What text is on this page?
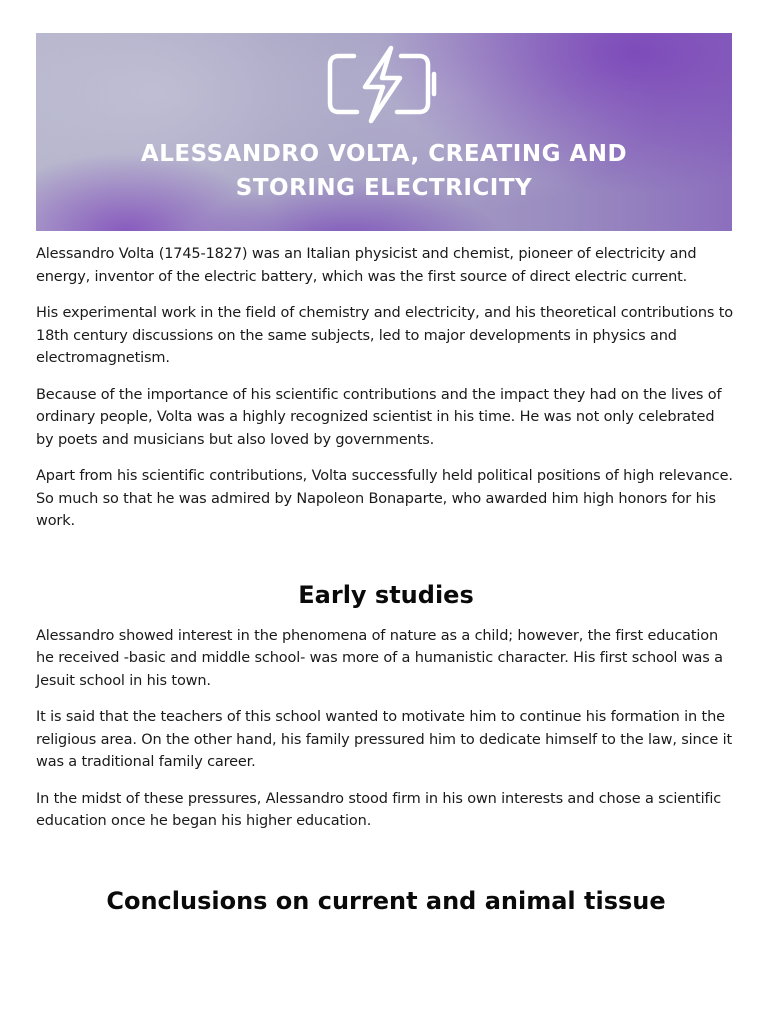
ALESSANDRO VOLTA, CREATING AND STORING ELECTRICITY

Alessandro Volta (1745-1827) was an Italian physicist and chemist, pioneer of electricity and energy, inventor of the electric battery, which was the first source of direct electric current.

His experimental work in the field of chemistry and electricity, and his theoretical contributions to 18th century discussions on the same subjects, led to major developments in physics and electromagnetism.

Because of the importance of his scientific contributions and the impact they had on the lives of ordinary people, Volta was a highly recognized scientist in his time. He was not only celebrated by poets and musicians but also loved by governments.

Apart from his scientific contributions, Volta successfully held political positions of high relevance. So much so that he was admired by Napoleon Bonaparte, who awarded him high honors for his work.

Early studies

Alessandro showed interest in the phenomena of nature as a child; however, the first education he received -basic and middle school- was more of a humanistic character. His first school was a Jesuit school in his town.

It is said that the teachers of this school wanted to motivate him to continue his formation in the religious area. On the other hand, his family pressured him to dedicate himself to the law, since it was a traditional family career.

In the midst of these pressures, Alessandro stood firm in his own interests and chose a scientific education once he began his higher education.

Conclusions on current and animal tissue
